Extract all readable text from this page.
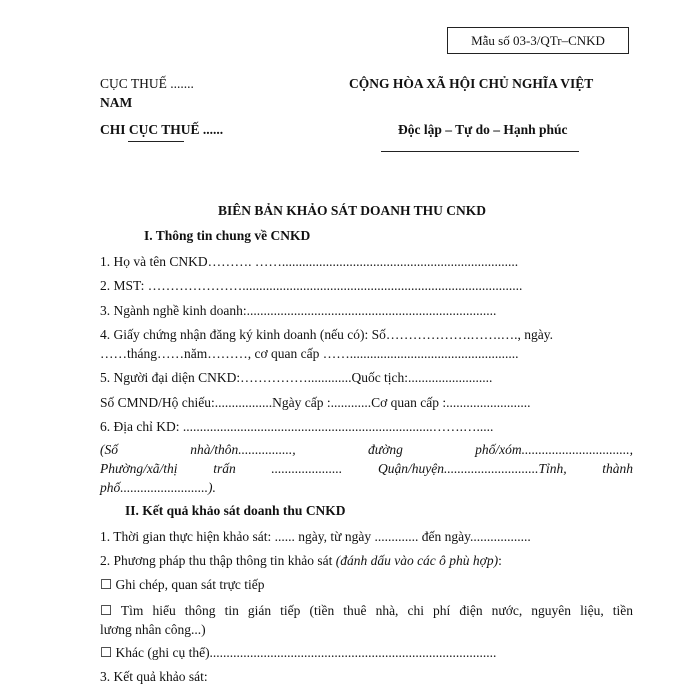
Mẫu số 03-3/QTr–CNKD
CỤC THUẾ .......
NAM
CHI CỤC THUẾ ......
CỘNG HÒA XÃ HỘI CHỦ NGHĨA VIỆT
Độc lập – Tự do – Hạnh phúc
BIÊN BẢN KHẢO SÁT DOANH THU CNKD
I. Thông tin chung về CNKD
1. Họ và tên CNKD………. ……......................................................................
2. MST: …………………...................................................................................
3. Ngành nghề kinh doanh:..........................................................................
4. Giấy chứng nhận đăng ký kinh doanh (nếu có): Số……………….…….…., ngày.
……tháng……năm………, cơ quan cấp ……..................................................
5. Người đại diện CNKD:…………….............Quốc tịch:.........................
Số CMND/Hộ chiếu:.................Ngày cấp :............Cơ quan cấp :.........................
6. Địa chỉ KD: ..........................................................................…….….....
(Số nhà/thôn................, đường phố/xóm................................,
Phường/xã/thị trấn ..................... Quận/huyện............................Tỉnh, thành
phố..........................).
II. Kết quả khảo sát doanh thu CNKD
1. Thời gian thực hiện khảo sát: ...... ngày, từ ngày ............. đến ngày..................
2. Phương pháp thu thập thông tin khảo sát (đánh dấu vào các ô phù hợp):
☐ Ghi chép, quan sát trực tiếp
☐ Tìm hiểu thông tin gián tiếp (tiền thuê nhà, chi phí điện nước, nguyên liệu, tiền
lương nhân công...)
☐ Khác (ghi cụ thể).....................................................................................
3. Kết quả khảo sát:
